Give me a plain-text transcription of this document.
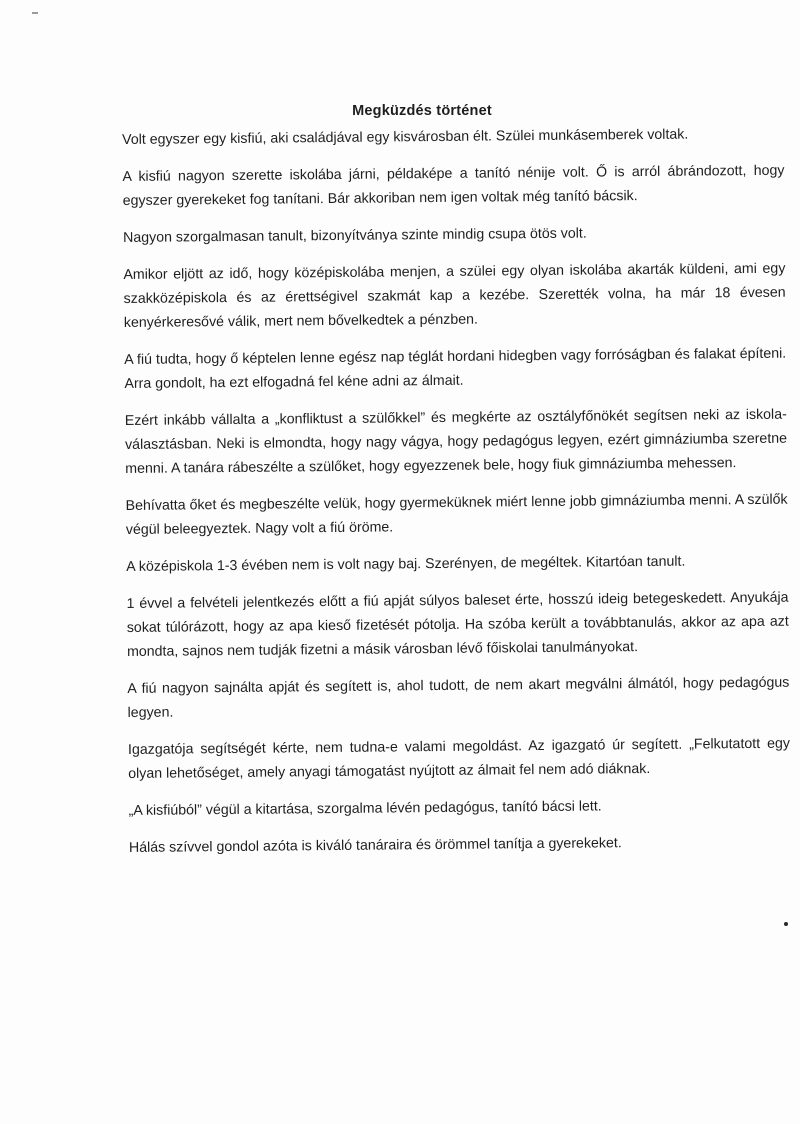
Megküzdés történet

Volt egyszer egy kisfiú, aki családjával egy kisvárosban élt. Szülei munkásemberek voltak.

A kisfiú nagyon szerette iskolába járni, példaképe a tanító nénije volt. Ő is arról ábrándozott, hogy egyszer gyerekeket fog tanítani. Bár akkoriban nem igen voltak még tanító bácsik.

Nagyon szorgalmasan tanult, bizonyítványa szinte mindig csupa ötös volt.

Amikor eljött az idő, hogy középiskolába menjen, a szülei egy olyan iskolába akarták küldeni, ami egy szakközépiskola és az érettségivel szakmát kap a kezébe. Szerették volna, ha már 18 évesen kenyérkeresővé válik, mert nem bővelkedtek a pénzben.

A fiú tudta, hogy ő képtelen lenne egész nap téglát hordani hidegben vagy forróságban és falakat építeni. Arra gondolt, ha ezt elfogadná fel kéne adni az álmait.

Ezért inkább vállalta a „konfliktust a szülőkkel” és megkérte az osztályfőnökét segítsen neki az iskola- választásban. Neki is elmondta, hogy nagy vágya, hogy pedagógus legyen, ezért gimnáziumba szeretne menni. A tanára rábeszélte a szülőket, hogy egyezzenek bele, hogy fiuk gimnáziumba mehessen.

Behívatta őket és megbeszélte velük, hogy gyermeküknek miért lenne jobb gimnáziumba menni. A szülők végül beleegyeztek. Nagy volt a fiú öröme.

A középiskola 1-3 évében nem is volt nagy baj. Szerényen, de megéltek. Kitartóan tanult.

1 évvel a felvételi jelentkezés előtt a fiú apját súlyos baleset érte, hosszú ideig betegeskedett. Anyukája sokat túlórázott, hogy az apa kieső fizetését pótolja. Ha szóba került a továbbtanulás, akkor az apa azt mondta, sajnos nem tudják fizetni a másik városban lévő főiskolai tanulmányokat.

A fiú nagyon sajnálta apját és segített is, ahol tudott, de nem akart megválni álmától, hogy pedagógus legyen.

Igazgatója segítségét kérte, nem tudna-e valami megoldást. Az igazgató úr segített. „Felkutatott egy olyan lehetőséget, amely anyagi támogatást nyújtott az álmait fel nem adó diáknak.

„A kisfiúból” végül a kitartása, szorgalma lévén pedagógus, tanító bácsi lett.

Hálás szívvel gondol azóta is kiváló tanáraira és örömmel tanítja a gyerekeket.
